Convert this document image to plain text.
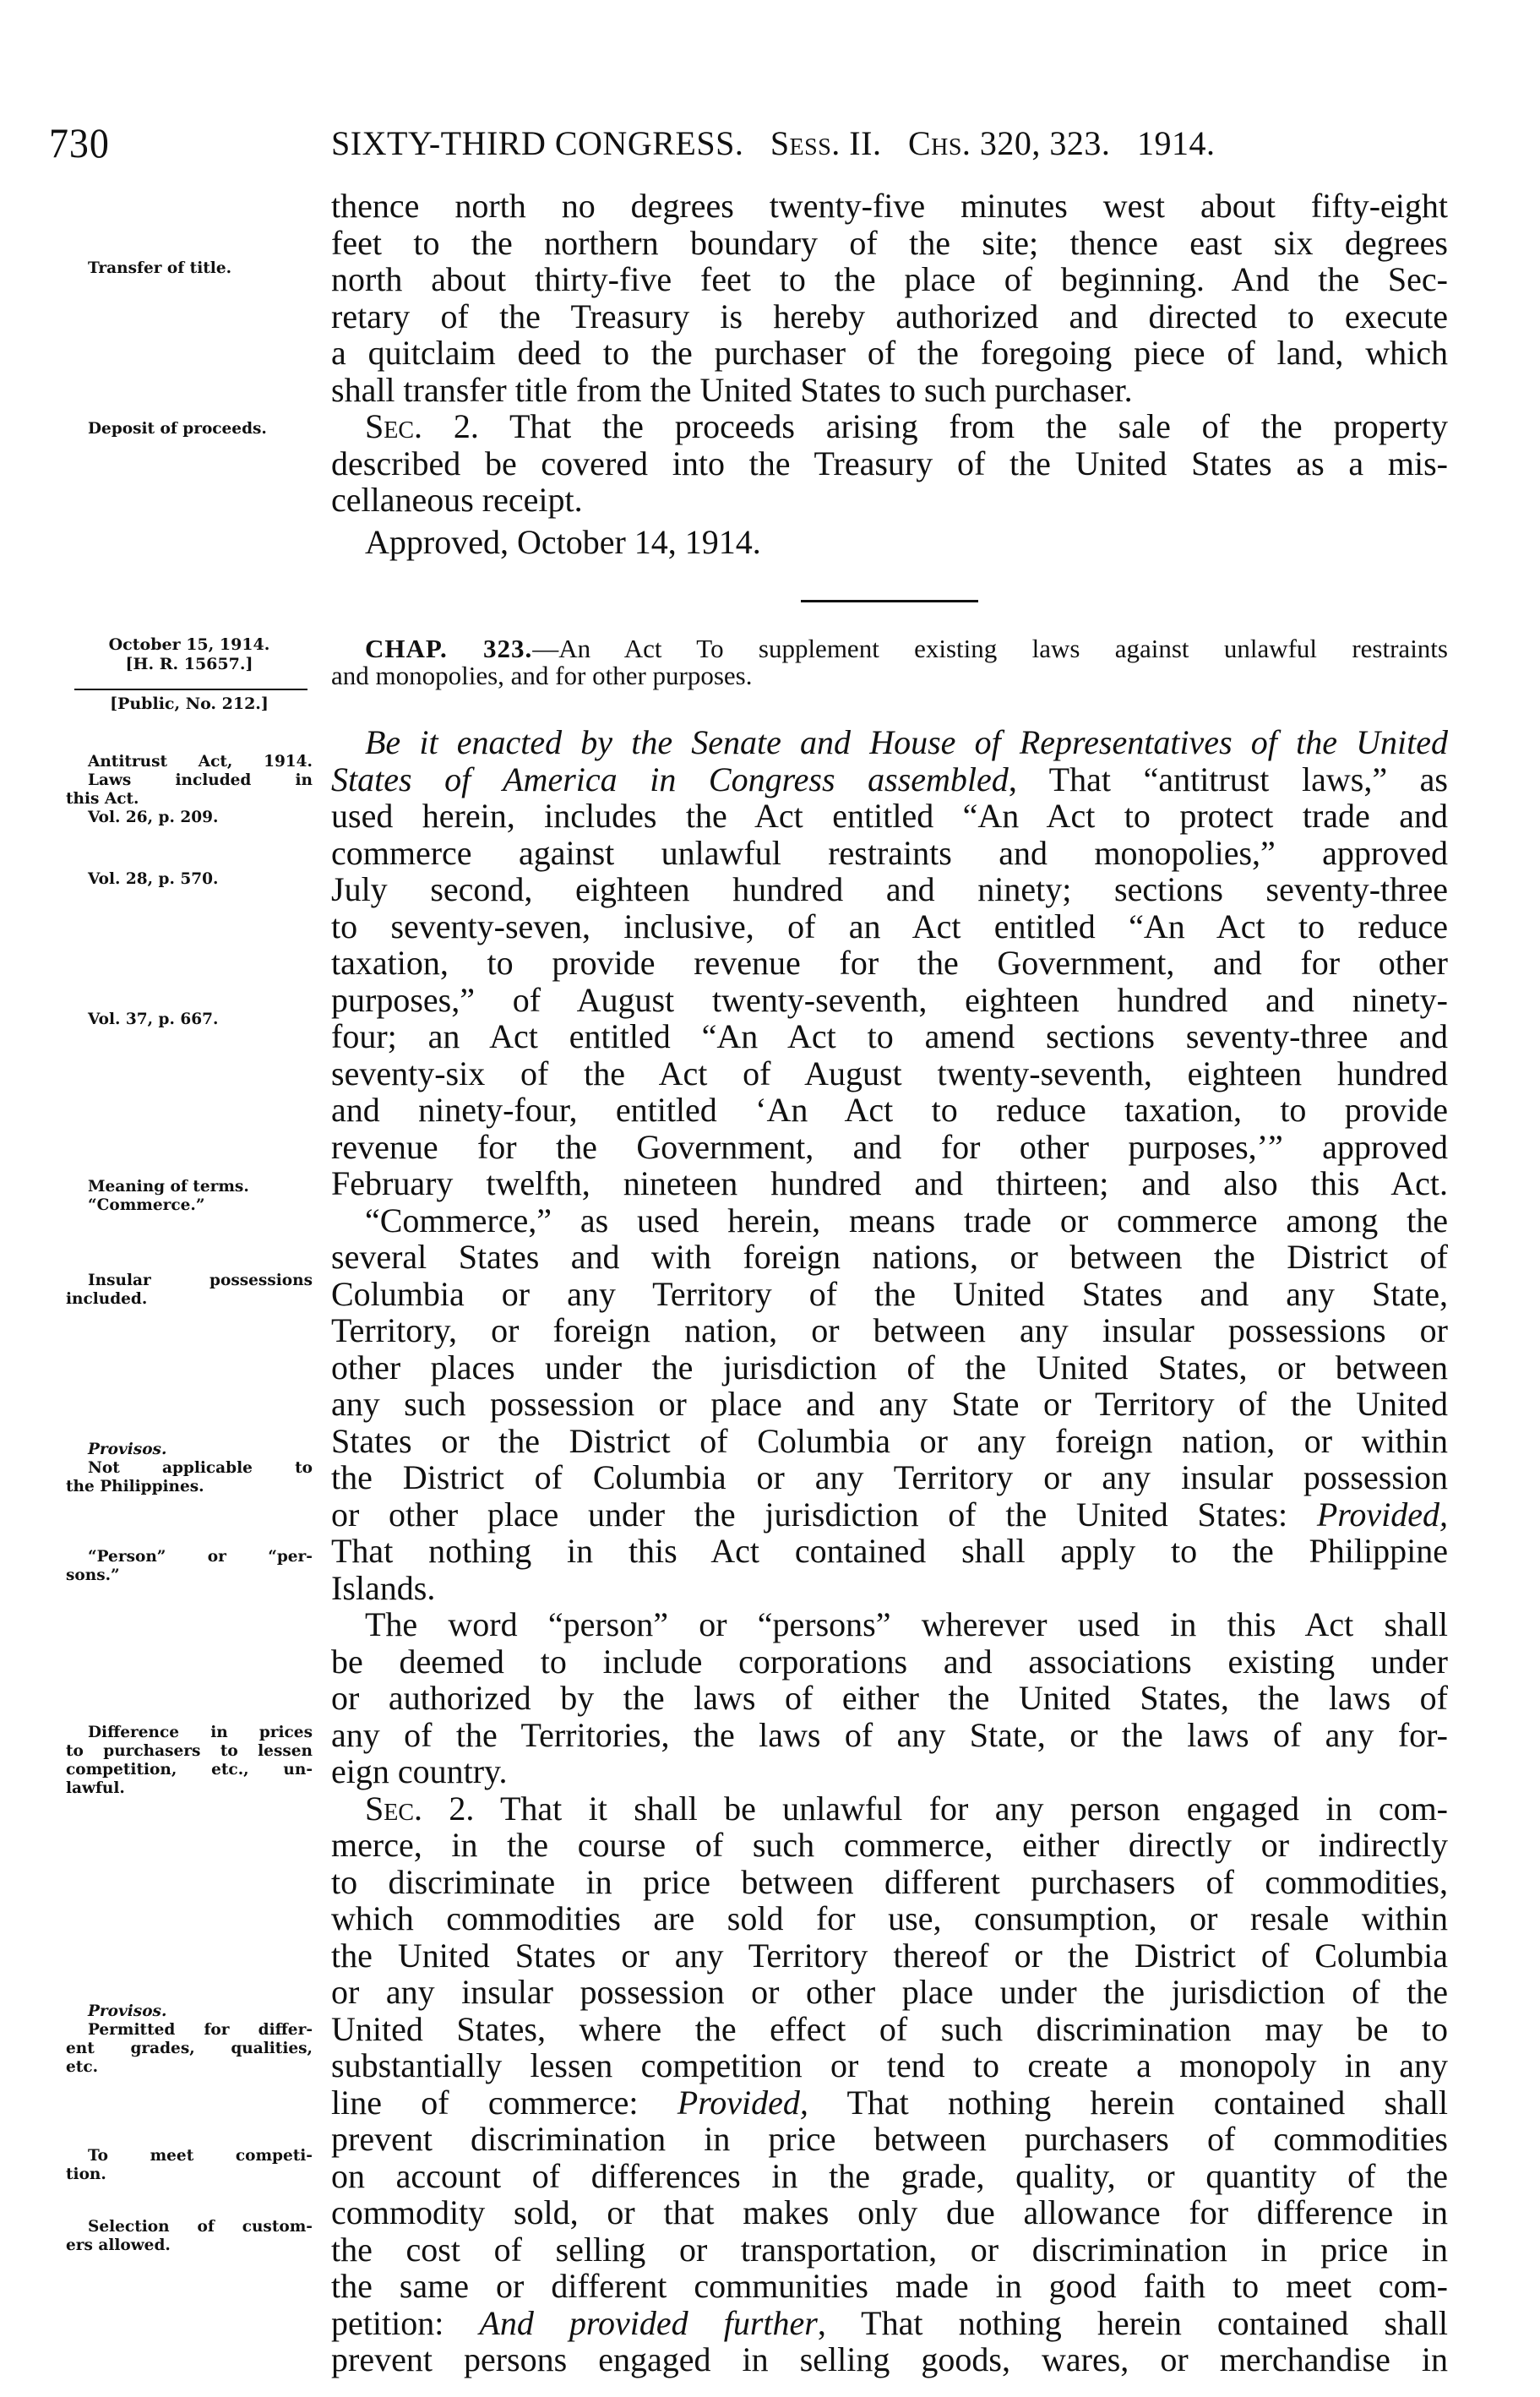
730	SIXTY-THIRD CONGRESS. Sess. II. Chs. 320, 323. 1914.
thence north no degrees twenty-five minutes west about fifty-eight
feet to the northern boundary of the site; thence east six degrees
north about thirty-five feet to the place of beginning. And the Sec-
retary of the Treasury is hereby authorized and directed to execute
a quitclaim deed to the purchaser of the foregoing piece of land, which
shall transfer title from the United States to such purchaser.
Sec. 2. That the proceeds arising from the sale of the property
described be covered into the Treasury of the United States as a mis-
cellaneous receipt.
Approved, October 14, 1914.
Transfer of title.
Deposit of proceeds.
October 15, 1914.
[H. R. 15657.]
[Public, No. 212.]
CHAP. 323.—An Act To supplement existing laws against unlawful restraints
and monopolies, and for other purposes.
Be it enacted by the Senate and House of Representatives of the United
States of America in Congress assembled, That “antitrust laws,” as
used herein, includes the Act entitled “An Act to protect trade and
commerce against unlawful restraints and monopolies,” approved
July second, eighteen hundred and ninety; sections seventy-three
to seventy-seven, inclusive, of an Act entitled “An Act to reduce
taxation, to provide revenue for the Government, and for other
purposes,” of August twenty-seventh, eighteen hundred and ninety-
four; an Act entitled “An Act to amend sections seventy-three and
seventy-six of the Act of August twenty-seventh, eighteen hundred
and ninety-four, entitled ‘An Act to reduce taxation, to provide
revenue for the Government, and for other purposes,’” approved
February twelfth, nineteen hundred and thirteen; and also this Act.
“Commerce,” as used herein, means trade or commerce among the
several States and with foreign nations, or between the District of
Columbia or any Territory of the United States and any State,
Territory, or foreign nation, or between any insular possessions or
other places under the jurisdiction of the United States, or between
any such possession or place and any State or Territory of the United
States or the District of Columbia or any foreign nation, or within
the District of Columbia or any Territory or any insular possession
or other place under the jurisdiction of the United States: Provided,
That nothing in this Act contained shall apply to the Philippine
Islands.
The word “person” or “persons” wherever used in this Act shall
be deemed to include corporations and associations existing under
or authorized by the laws of either the United States, the laws of
any of the Territories, the laws of any State, or the laws of any for-
eign country.
Sec. 2. That it shall be unlawful for any person engaged in com-
merce, in the course of such commerce, either directly or indirectly
to discriminate in price between different purchasers of commodities,
which commodities are sold for use, consumption, or resale within
the United States or any Territory thereof or the District of Columbia
or any insular possession or other place under the jurisdiction of the
United States, where the effect of such discrimination may be to
substantially lessen competition or tend to create a monopoly in any
line of commerce: Provided, That nothing herein contained shall
prevent discrimination in price between purchasers of commodities
on account of differences in the grade, quality, or quantity of the
commodity sold, or that makes only due allowance for difference in
the cost of selling or transportation, or discrimination in price in
the same or different communities made in good faith to meet com-
petition: And provided further, That nothing herein contained shall
prevent persons engaged in selling goods, wares, or merchandise in
Antitrust Act, 1914.
Laws included in
this Act.
Vol. 26, p. 209.
Vol. 28, p. 570.
Vol. 37, p. 667.
Meaning of terms.
“Commerce.”
Insular possessions
included.
Provisos.
Not applicable to
the Philippines.
“Person” or “per-
sons.”
Difference in prices
to purchasers to lessen
competition, etc., un-
lawful.
Provisos.
Permitted for differ-
ent grades, qualities,
etc.
To meet competi-
tion.
Selection of custom-
ers allowed.
